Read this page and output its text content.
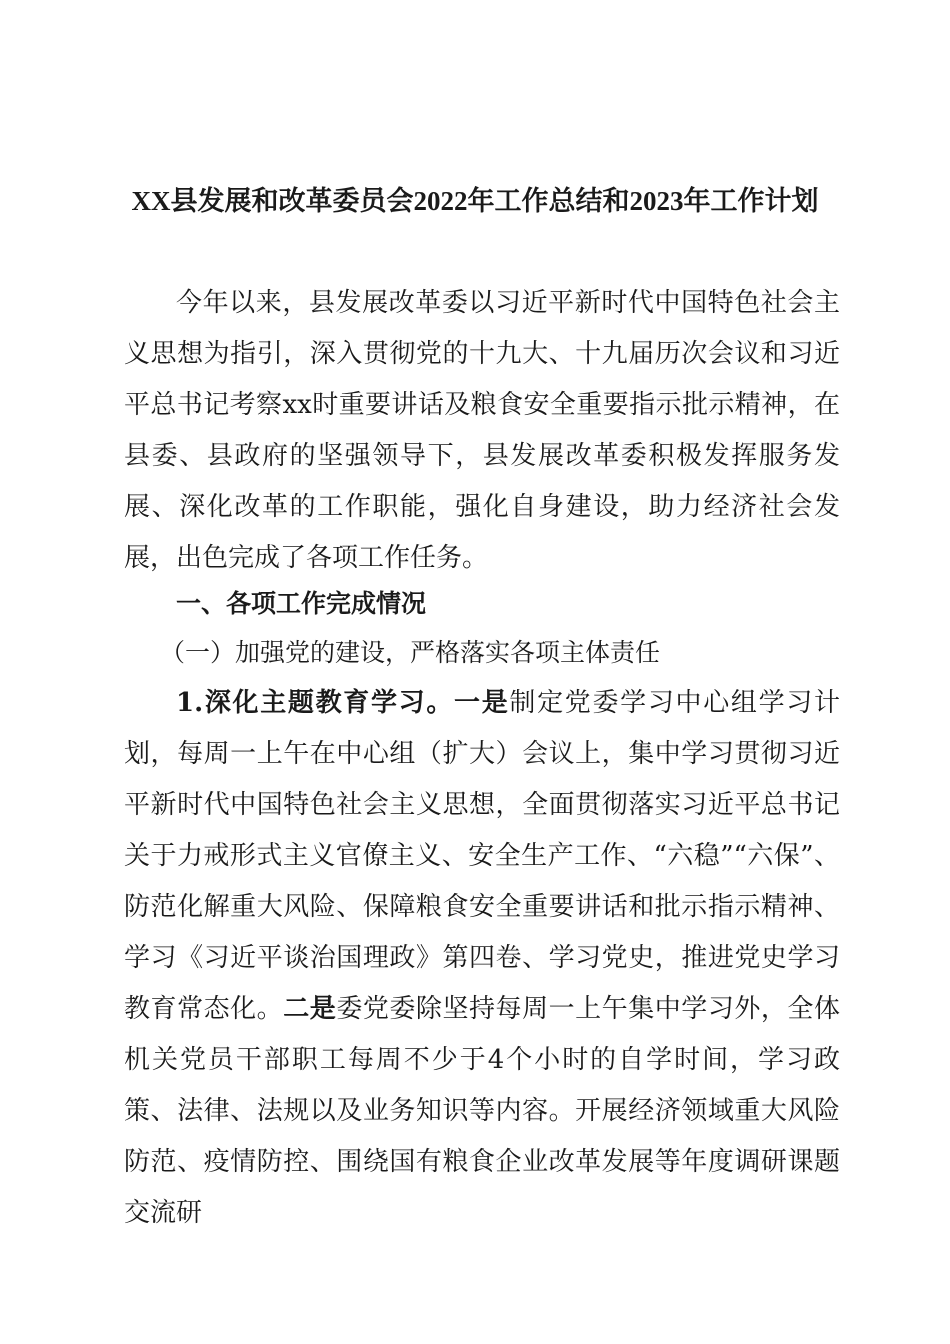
XX县发展和改革委员会2022年工作总结和2023年工作计划

今年以来，县发展改革委以习近平新时代中国特色社会主义思想为指引，深入贯彻党的十九大、十九届历次会议和习近平总书记考察xx时重要讲话及粮食安全重要指示批示精神，在县委、县政府的坚强领导下，县发展改革委积极发挥服务发展、深化改革的工作职能，强化自身建设，助力经济社会发展，出色完成了各项工作任务。

一、各项工作完成情况

（一）加强党的建设，严格落实各项主体责任

1.深化主题教育学习。一是制定党委学习中心组学习计划，每周一上午在中心组（扩大）会议上，集中学习贯彻习近平新时代中国特色社会主义思想，全面贯彻落实习近平总书记关于力戒形式主义官僚主义、安全生产工作、“六稳”“六保”、防范化解重大风险、保障粮食安全重要讲话和批示指示精神、学习《习近平谈治国理政》第四卷、学习党史，推进党史学习教育常态化。二是委党委除坚持每周一上午集中学习外，全体机关党员干部职工每周不少于4个小时的自学时间，学习政策、法律、法规以及业务知识等内容。开展经济领域重大风险防范、疫情防控、围绕国有粮食企业改革发展等年度调研课题交流研
